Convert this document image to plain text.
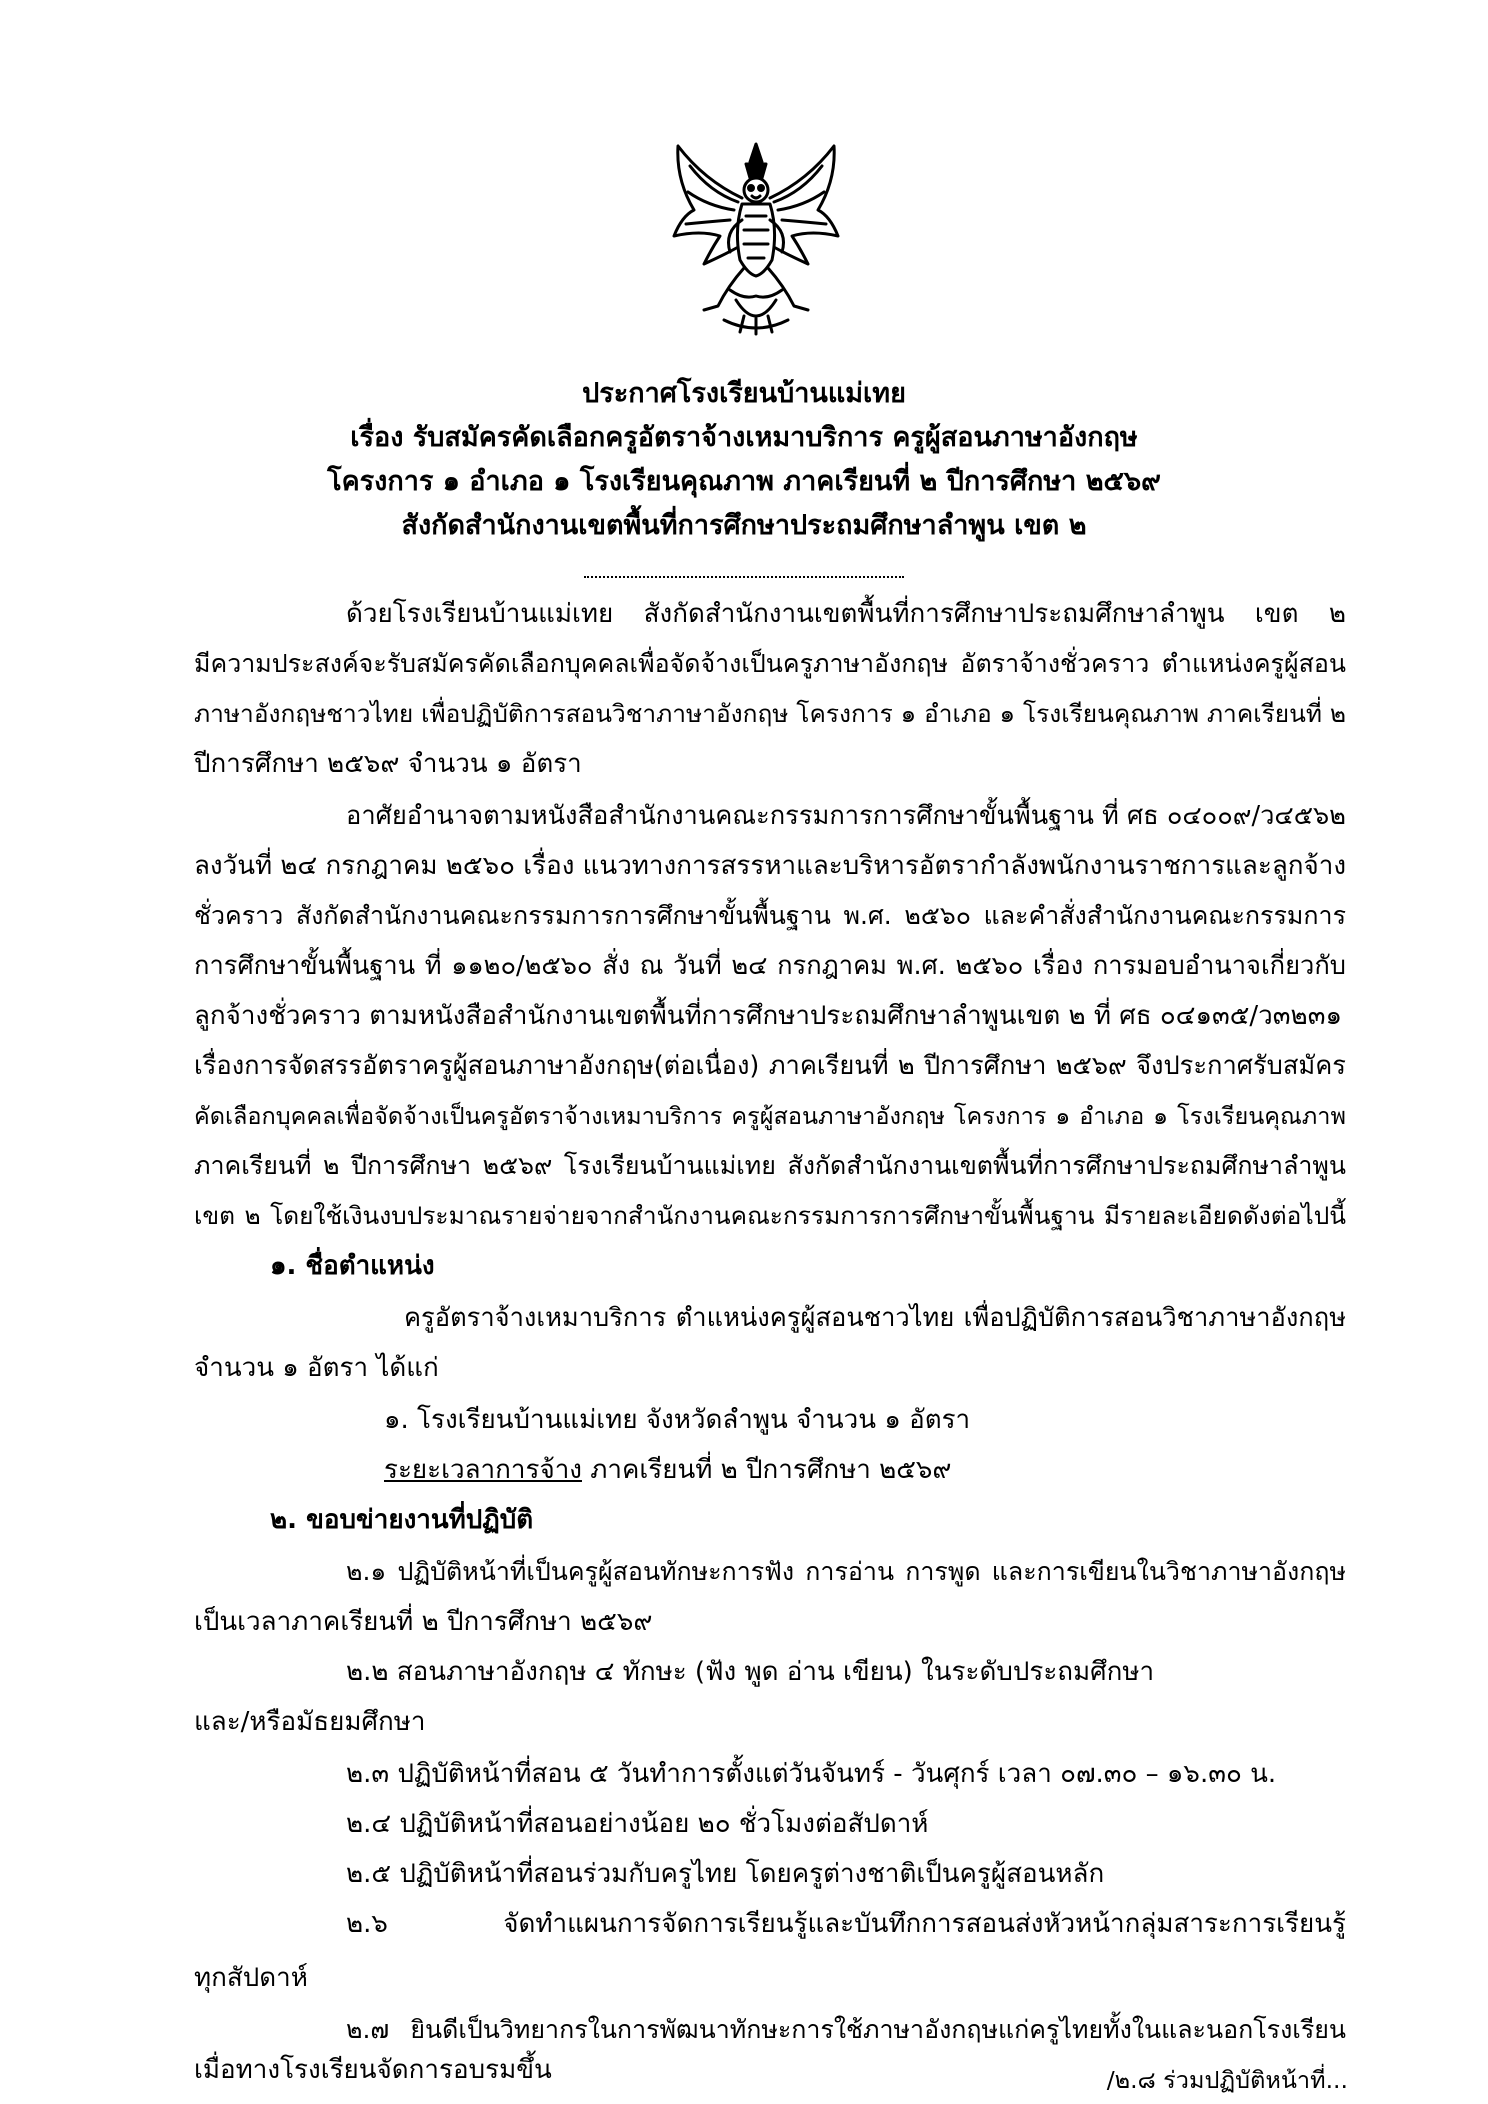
ประกาศโรงเรียนบ้านแม่เทย
เรื่อง รับสมัครคัดเลือกครูอัตราจ้างเหมาบริการ ครูผู้สอนภาษาอังกฤษ
โครงการ ๑ อำเภอ ๑ โรงเรียนคุณภาพ ภาคเรียนที่ ๒ ปีการศึกษา ๒๕๖๙
สังกัดสำนักงานเขตพื้นที่การศึกษาประถมศึกษาลำพูน เขต ๒
ด้วยโรงเรียนบ้านแม่เทย สังกัดสำนักงานเขตพื้นที่การศึกษาประถมศึกษาลำพูน เขต ๒
มีความประสงค์จะรับสมัครคัดเลือกบุคคลเพื่อจัดจ้างเป็นครูภาษาอังกฤษ อัตราจ้างชั่วคราว ตำแหน่งครูผู้สอน
ภาษาอังกฤษชาวไทย เพื่อปฏิบัติการสอนวิชาภาษาอังกฤษ โครงการ ๑ อำเภอ ๑ โรงเรียนคุณภาพ ภาคเรียนที่ ๒
ปีการศึกษา ๒๕๖๙ จำนวน ๑ อัตรา
อาศัยอำนาจตามหนังสือสำนักงานคณะกรรมการการศึกษาขั้นพื้นฐาน ที่ ศธ ๐๔๐๐๙/ว๔๕๖๒
ลงวันที่ ๒๔ กรกฎาคม ๒๕๖๐ เรื่อง แนวทางการสรรหาและบริหารอัตรากำลังพนักงานราชการและลูกจ้าง
ชั่วคราว สังกัดสำนักงานคณะกรรมการการศึกษาขั้นพื้นฐาน พ.ศ. ๒๕๖๐ และคำสั่งสำนักงานคณะกรรมการ
การศึกษาขั้นพื้นฐาน ที่ ๑๑๒๐/๒๕๖๐ สั่ง ณ วันที่ ๒๔ กรกฎาคม พ.ศ. ๒๕๖๐ เรื่อง การมอบอำนาจเกี่ยวกับ
ลูกจ้างชั่วคราว ตามหนังสือสำนักงานเขตพื้นที่การศึกษาประถมศึกษาลำพูนเขต ๒ ที่ ศธ ๐๔๑๓๕/ว๓๒๓๑
เรื่องการจัดสรรอัตราครูผู้สอนภาษาอังกฤษ(ต่อเนื่อง) ภาคเรียนที่ ๒ ปีการศึกษา ๒๕๖๙ จึงประกาศรับสมัคร
คัดเลือกบุคคลเพื่อจัดจ้างเป็นครูอัตราจ้างเหมาบริการ ครูผู้สอนภาษาอังกฤษ โครงการ ๑ อำเภอ ๑ โรงเรียนคุณภาพ
ภาคเรียนที่ ๒ ปีการศึกษา ๒๕๖๙ โรงเรียนบ้านแม่เทย สังกัดสำนักงานเขตพื้นที่การศึกษาประถมศึกษาลำพูน
เขต ๒ โดยใช้เงินงบประมาณรายจ่ายจากสำนักงานคณะกรรมการการศึกษาขั้นพื้นฐาน มีรายละเอียดดังต่อไปนี้
๑. ชื่อตำแหน่ง
ครูอัตราจ้างเหมาบริการ ตำแหน่งครูผู้สอนชาวไทย เพื่อปฏิบัติการสอนวิชาภาษาอังกฤษ
จำนวน ๑ อัตรา ได้แก่
๑. โรงเรียนบ้านแม่เทย จังหวัดลำพูน จำนวน ๑ อัตรา
ระยะเวลาการจ้าง ภาคเรียนที่ ๒ ปีการศึกษา ๒๕๖๙
๒. ขอบข่ายงานที่ปฏิบัติ
๒.๑ ปฏิบัติหน้าที่เป็นครูผู้สอนทักษะการฟัง การอ่าน การพูด และการเขียนในวิชาภาษาอังกฤษ
เป็นเวลาภาคเรียนที่ ๒ ปีการศึกษา ๒๕๖๙
๒.๒ สอนภาษาอังกฤษ ๔ ทักษะ (ฟัง พูด อ่าน เขียน) ในระดับประถมศึกษา
และ/หรือมัธยมศึกษา
๒.๓ ปฏิบัติหน้าที่สอน ๕ วันทำการตั้งแต่วันจันทร์ - วันศุกร์ เวลา ๐๗.๓๐ – ๑๖.๓๐ น.
๒.๔ ปฏิบัติหน้าที่สอนอย่างน้อย ๒๐ ชั่วโมงต่อสัปดาห์
๒.๕ ปฏิบัติหน้าที่สอนร่วมกับครูไทย โดยครูต่างชาติเป็นครูผู้สอนหลัก
๒.๖ จัดทำแผนการจัดการเรียนรู้และบันทึกการสอนส่งหัวหน้ากลุ่มสาระการเรียนรู้
ทุกสัปดาห์
๒.๗ ยินดีเป็นวิทยากรในการพัฒนาทักษะการใช้ภาษาอังกฤษแก่ครูไทยทั้งในและนอกโรงเรียน
เมื่อทางโรงเรียนจัดการอบรมขึ้น	/๒.๘ ร่วมปฏิบัติหน้าที่...
